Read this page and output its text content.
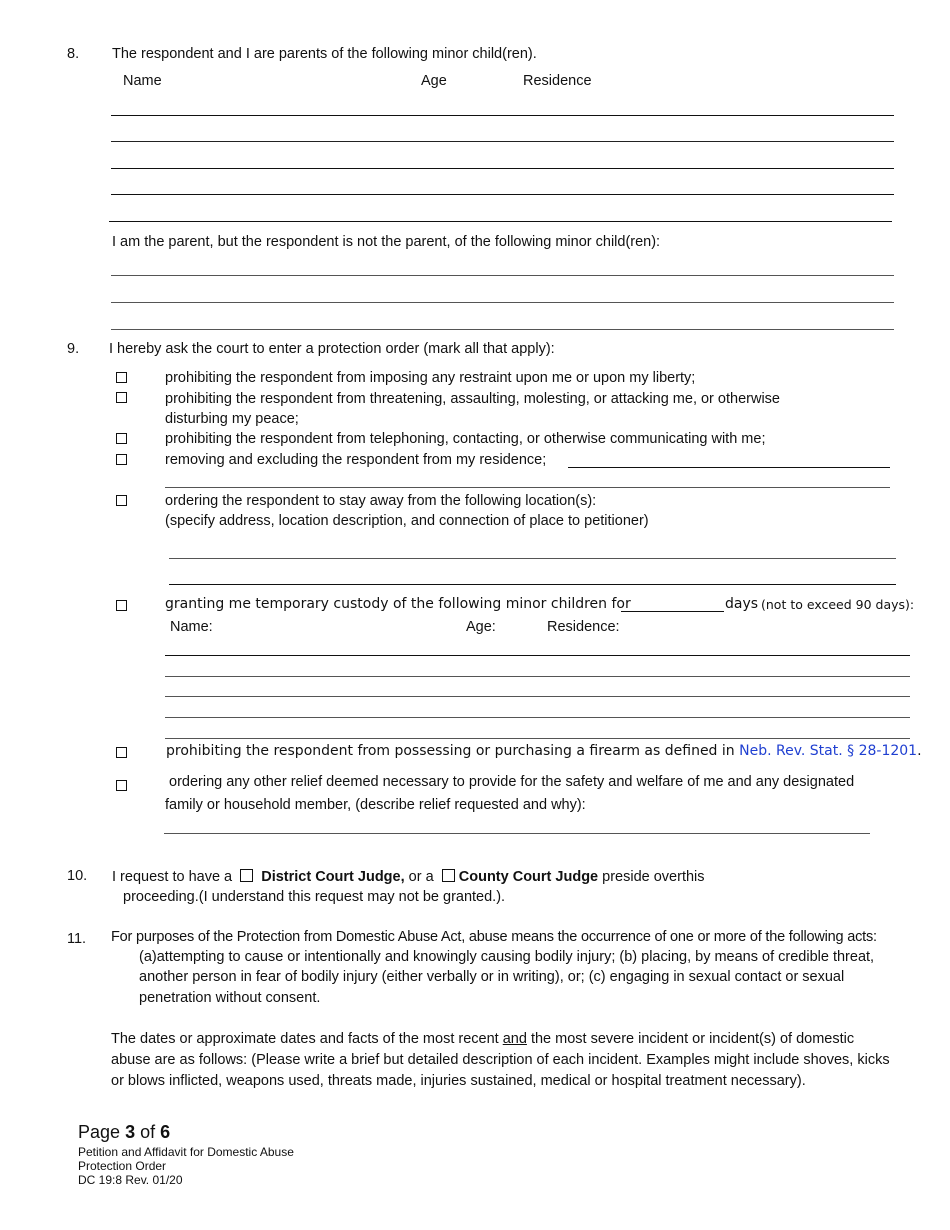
8. The respondent and I are parents of the following minor child(ren).
Name	Age	Residence
I am the parent, but the respondent is not the parent, of the following minor child(ren):
9. I hereby ask the court to enter a protection order (mark all that apply):
prohibiting the respondent from imposing any restraint upon me or upon my liberty;
prohibiting the respondent from threatening, assaulting, molesting, or attacking me, or otherwise
disturbing my peace;
prohibiting the respondent from telephoning, contacting, or otherwise communicating with me;
removing and excluding the respondent from my residence;
ordering the respondent to stay away from the following location(s):
(specify address, location description, and connection of place to petitioner)
granting me temporary custody of the following minor children for	days (not to exceed 90 days):
Name:	Age:	Residence:
prohibiting the respondent from possessing or purchasing a firearm as defined in Neb. Rev. Stat. § 28-1201.
ordering any other relief deemed necessary to provide for the safety and welfare of me and any designated
family or household member, (describe relief requested and why):
10. I request to have a District Court Judge, or a County Court Judge preside overthis
proceeding.(I understand this request may not be granted.).
11. For purposes of the Protection from Domestic Abuse Act, abuse means the occurrence of one or more of the following acts:
(a)attempting to cause or intentionally and knowingly causing bodily injury; (b) placing, by means of credible threat,
another person in fear of bodily injury (either verbally or in writing), or; (c) engaging in sexual contact or sexual
penetration without consent.
The dates or approximate dates and facts of the most recent and the most severe incident or incident(s) of domestic
abuse are as follows: (Please write a brief but detailed description of each incident. Examples might include shoves, kicks
or blows inflicted, weapons used, threats made, injuries sustained, medical or hospital treatment necessary).
Page 3 of 6
Petition and Affidavit for Domestic Abuse
Protection Order
DC 19:8 Rev. 01/20
